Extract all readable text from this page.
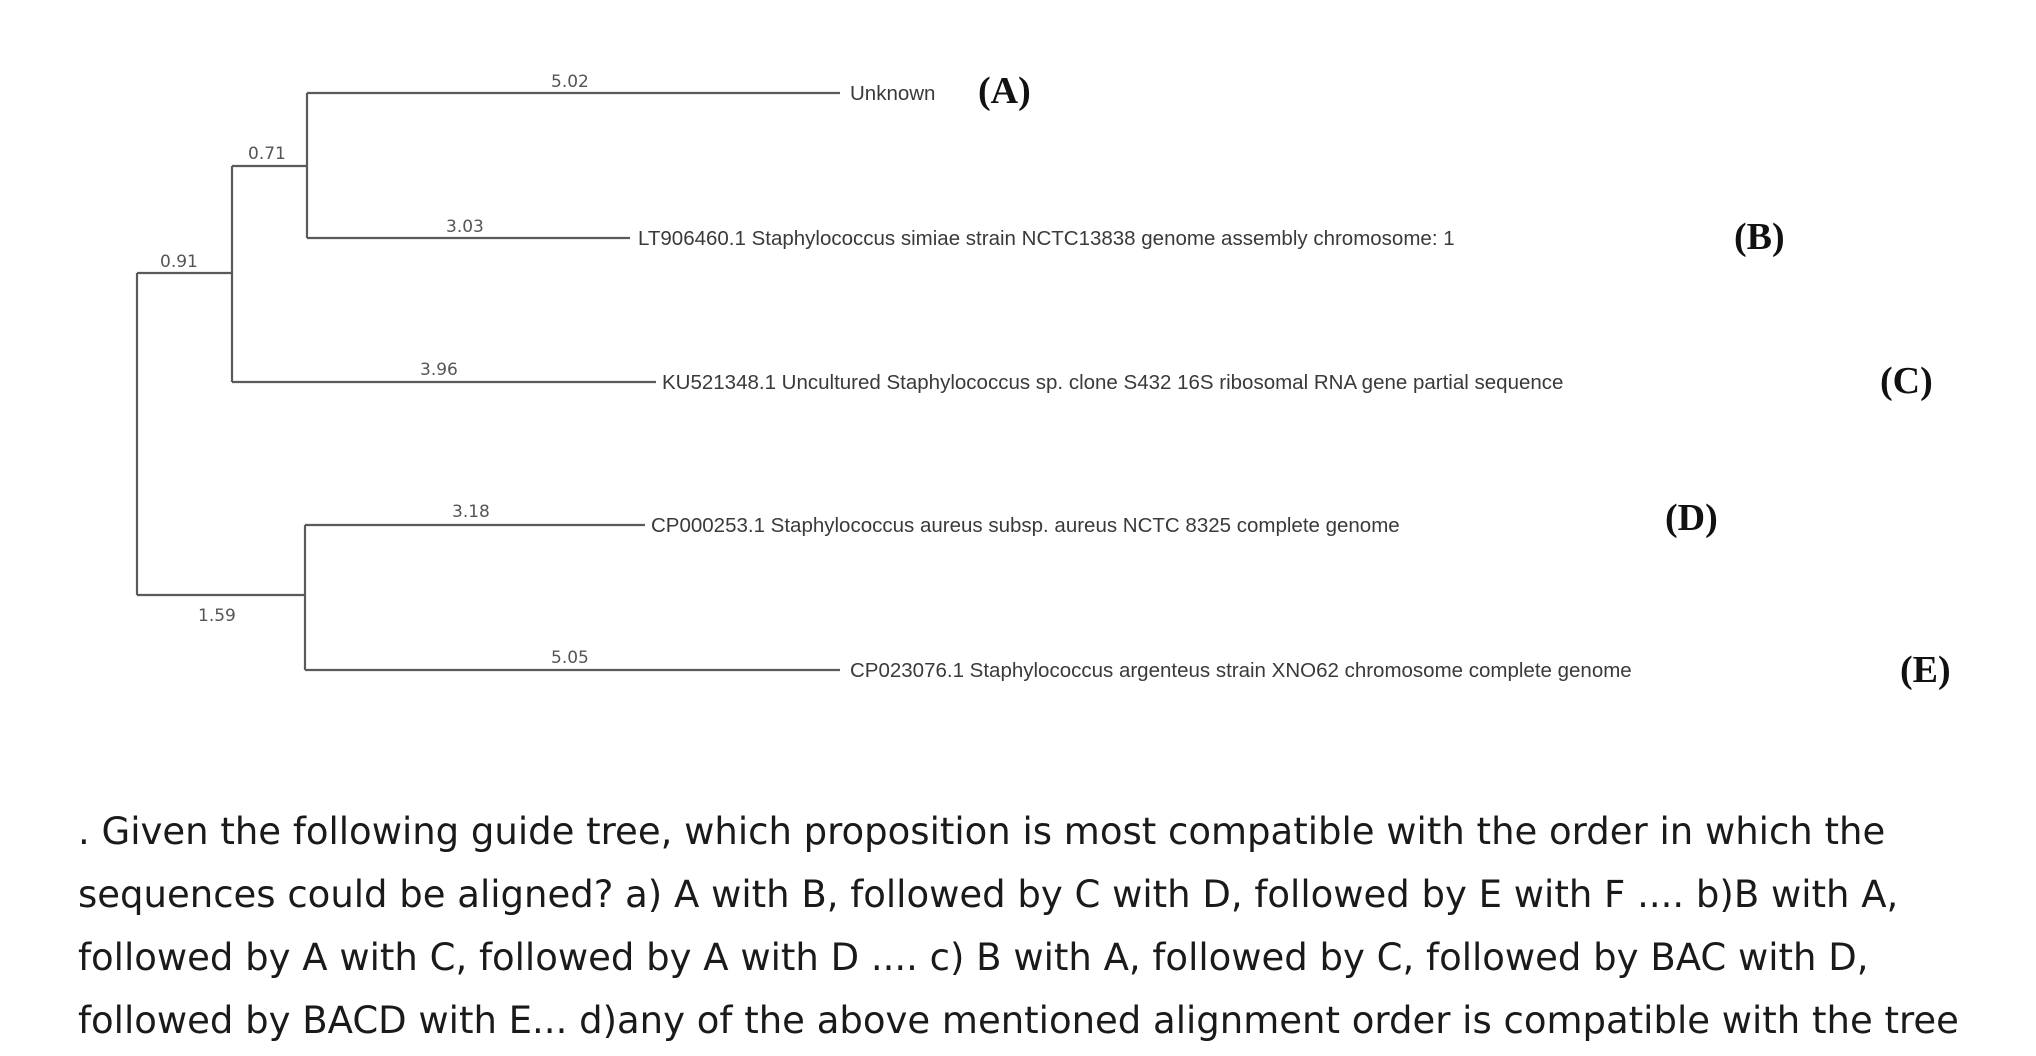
0.91
1.59
0.71
5.02
3.03
3.96
3.18
5.05
Unknown
LT906460.1 Staphylococcus simiae strain NCTC13838 genome assembly chromosome: 1
KU521348.1 Uncultured Staphylococcus sp. clone S432 16S ribosomal RNA gene partial sequence
CP000253.1 Staphylococcus aureus subsp. aureus NCTC 8325 complete genome
CP023076.1 Staphylococcus argenteus strain XNO62 chromosome complete genome
(A)
(B)
(C)
(D)
(E)

. Given the following guide tree, which proposition is most compatible with the order in which the sequences could be aligned? a) A with B, followed by C with D, followed by E with F .... b)B with A, followed by A with C, followed by A with D .... c) B with A, followed by C, followed by BAC with D, followed by BACD with E... d)any of the above mentioned alignment order is compatible with the tree
